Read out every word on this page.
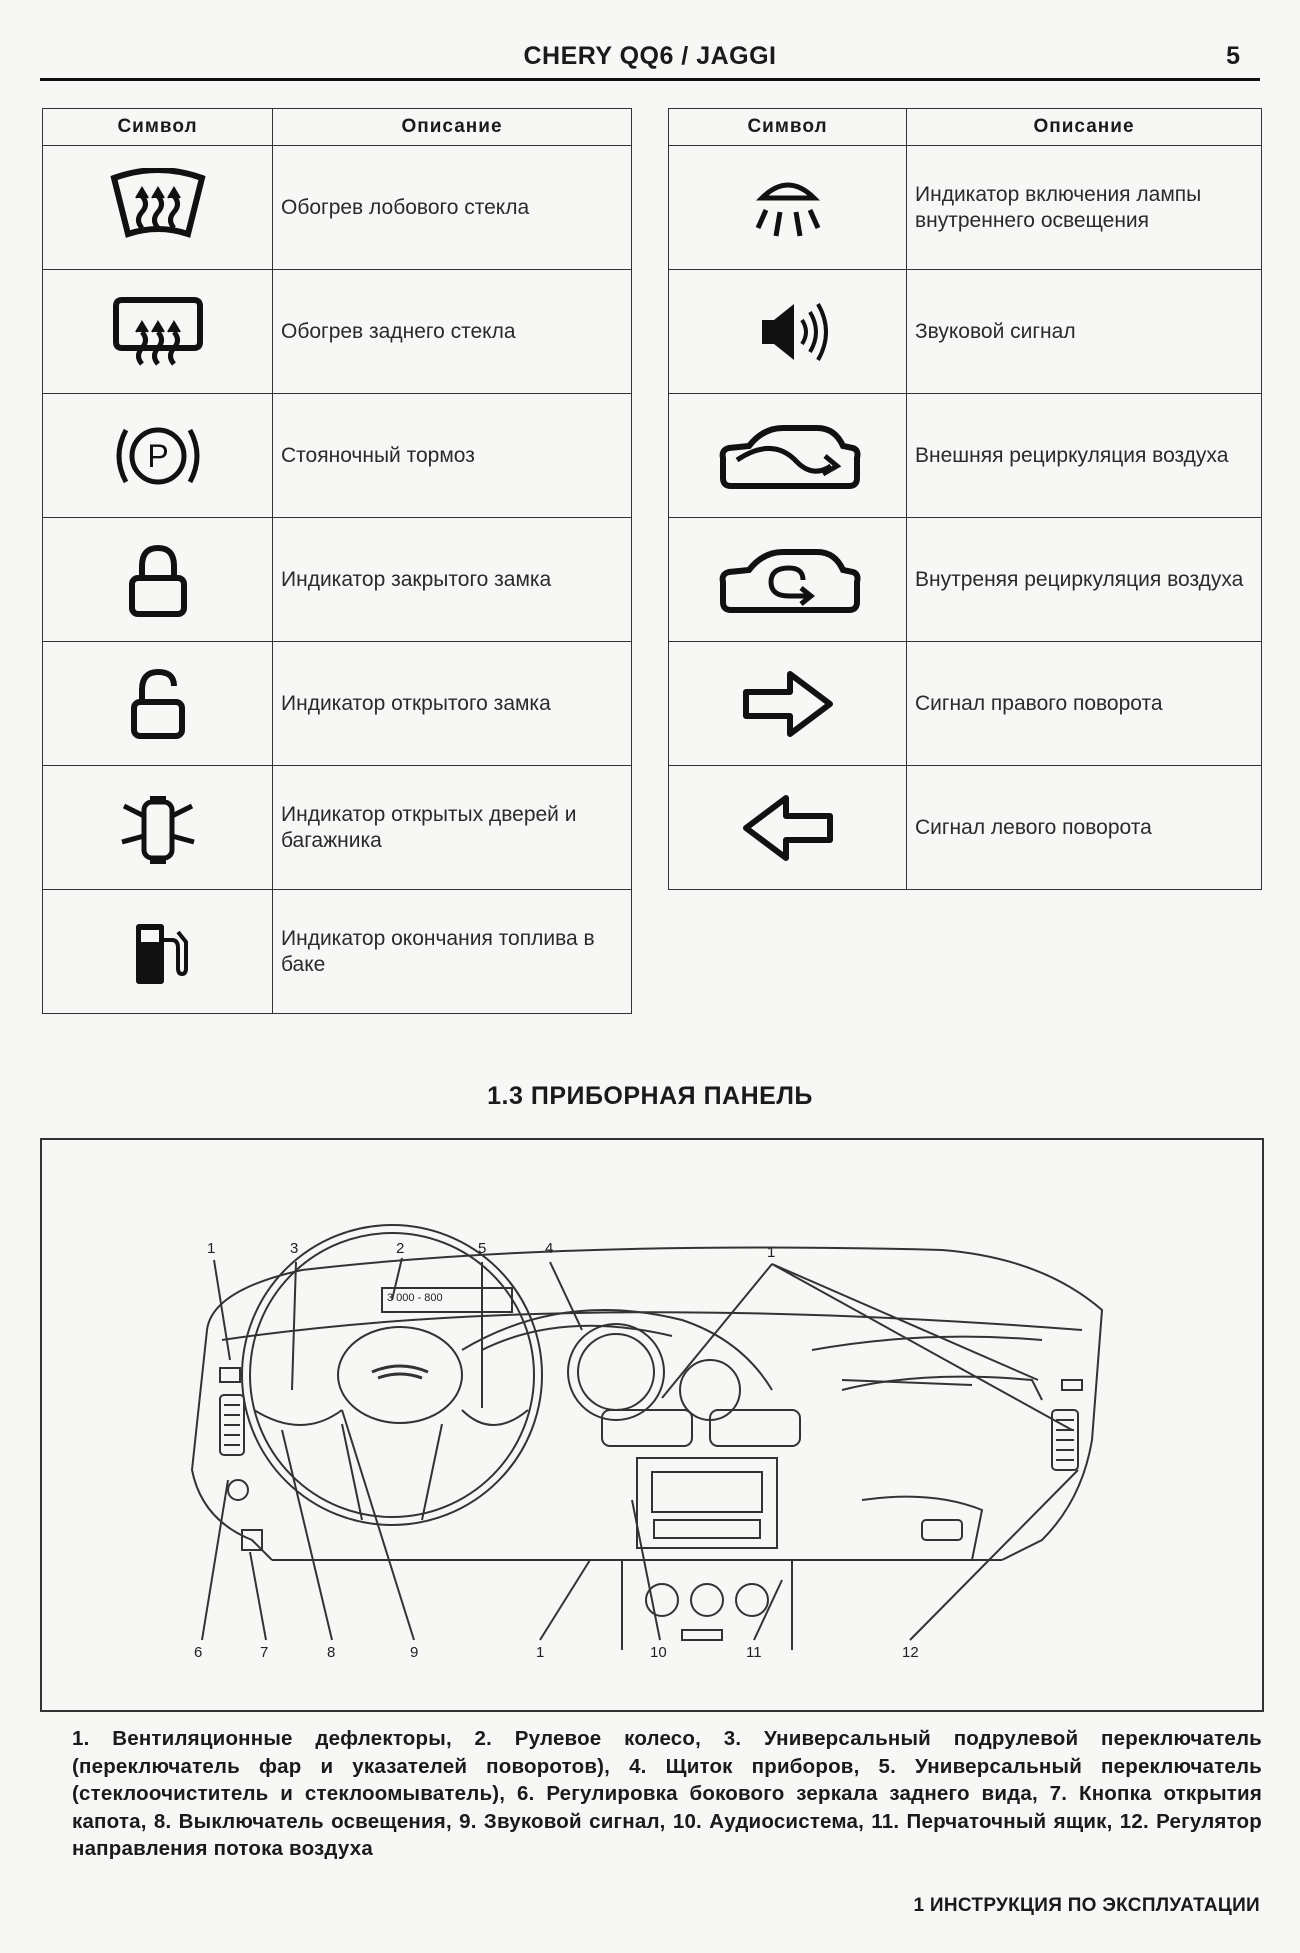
CHERY QQ6 / JAGGI	5
Символ	Описание

	Обогрев лобового стекла

	Обогрев заднего стекла

P	Стояночный тормоз

	Индикатор закрытого замка

	Индикатор открытого замка

	Индикатор открытых дверей и багажника

	Индикатор окончания топлива в баке
Символ	Описание

	Индикатор включения лампы внутреннего освещения

	Звуковой сигнал

	Внешняя рециркуляция воздуха

	Внутреняя рециркуляция воздуха

	Сигнал правого поворота

	Сигнал левого поворота
1.3 ПРИБОРНАЯ ПАНЕЛЬ
1	3	2	5	4	1
6	7	8	9	1	10	11	12
3 000 - 800
1. Вентиляционные дефлекторы, 2. Рулевое колесо, 3. Универсальный подрулевой переключатель (переключатель фар и указателей поворотов), 4. Щиток приборов, 5. Универсальный переключатель (стеклоочиститель и стеклоомыватель), 6. Регулировка бокового зеркала заднего вида, 7. Кнопка открытия капота, 8. Выключатель освещения, 9. Звуковой сигнал, 10. Аудиосистема, 11. Перчаточный ящик, 12. Регулятор направления потока воздуха
1 ИНСТРУКЦИЯ ПО ЭКСПЛУАТАЦИИ
